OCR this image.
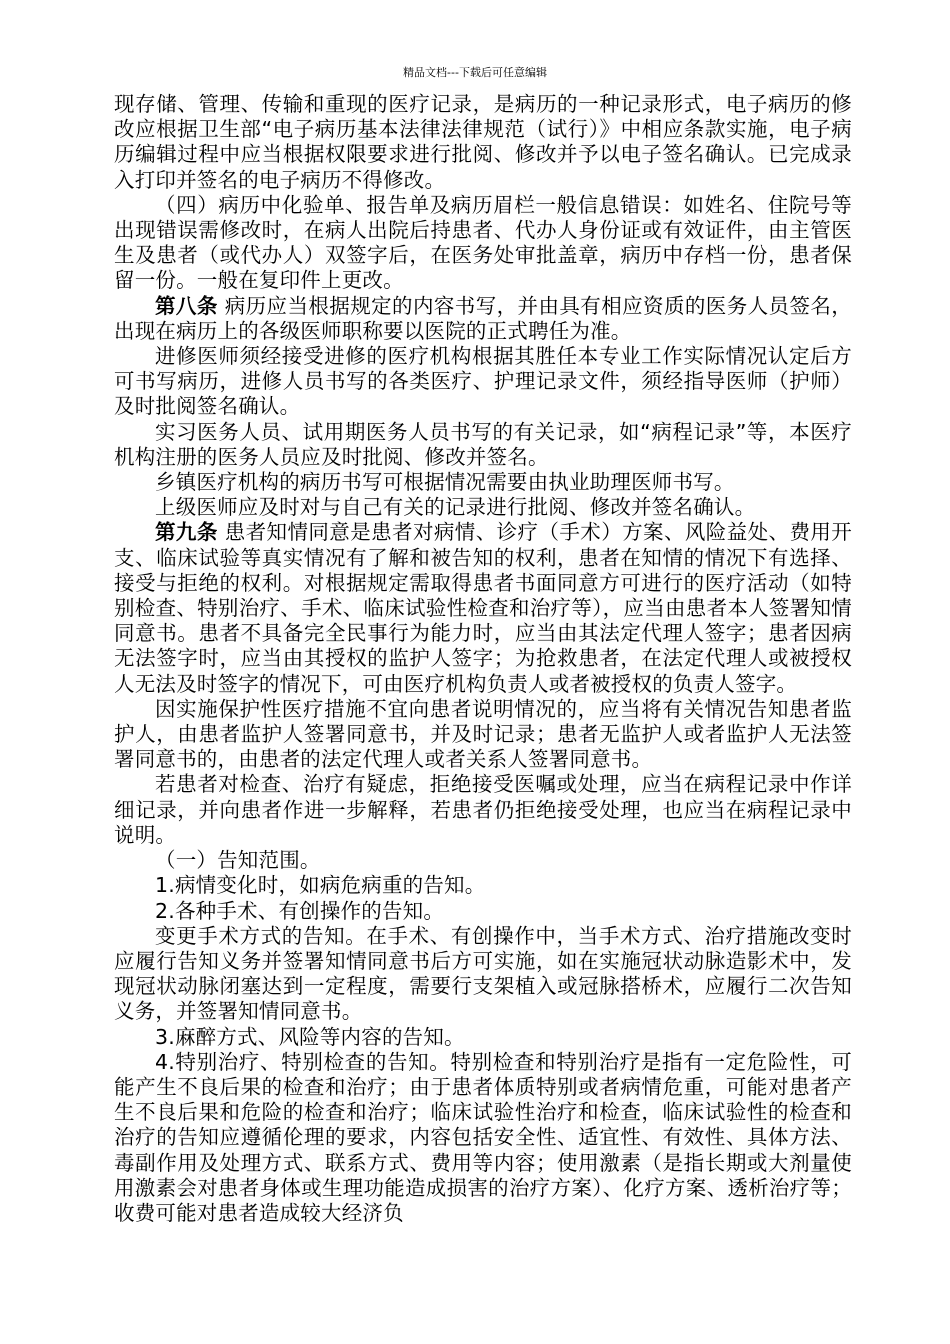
精品文档---下载后可任意编辑

现存储、管理、传输和重现的医疗记录，是病历的一种记录形式，电子病历的修改应根据卫生部“电子病历基本法律法律规范（试行）》中相应条款实施，电子病历编辑过程中应当根据权限要求进行批阅、修改并予以电子签名确认。已完成录入打印并签名的电子病历不得修改。

（四）病历中化验单、报告单及病历眉栏一般信息错误：如姓名、住院号等出现错误需修改时，在病人出院后持患者、代办人身份证或有效证件，由主管医生及患者（或代办人）双签字后，在医务处审批盖章，病历中存档一份，患者保留一份。一般在复印件上更改。

第八条 病历应当根据规定的内容书写，并由具有相应资质的医务人员签名，出现在病历上的各级医师职称要以医院的正式聘任为准。

进修医师须经接受进修的医疗机构根据其胜任本专业工作实际情况认定后方可书写病历，进修人员书写的各类医疗、护理记录文件，须经指导医师（护师）及时批阅签名确认。

实习医务人员、试用期医务人员书写的有关记录，如“病程记录”等，本医疗机构注册的医务人员应及时批阅、修改并签名。

乡镇医疗机构的病历书写可根据情况需要由执业助理医师书写。

上级医师应及时对与自己有关的记录进行批阅、修改并签名确认。

第九条 患者知情同意是患者对病情、诊疗（手术）方案、风险益处、费用开支、临床试验等真实情况有了解和被告知的权利，患者在知情的情况下有选择、接受与拒绝的权利。对根据规定需取得患者书面同意方可进行的医疗活动（如特别检查、特别治疗、手术、临床试验性检查和治疗等），应当由患者本人签署知情同意书。患者不具备完全民事行为能力时，应当由其法定代理人签字；患者因病无法签字时，应当由其授权的监护人签字；为抢救患者，在法定代理人或被授权人无法及时签字的情况下，可由医疗机构负责人或者被授权的负责人签字。

因实施保护性医疗措施不宜向患者说明情况的，应当将有关情况告知患者监护人，由患者监护人签署同意书，并及时记录；患者无监护人或者监护人无法签署同意书的，由患者的法定代理人或者关系人签署同意书。

若患者对检查、治疗有疑虑，拒绝接受医嘱或处理，应当在病程记录中作详细记录，并向患者作进一步解释，若患者仍拒绝接受处理，也应当在病程记录中说明。

（一）告知范围。

1.病情变化时，如病危病重的告知。

2.各种手术、有创操作的告知。

变更手术方式的告知。在手术、有创操作中，当手术方式、治疗措施改变时应履行告知义务并签署知情同意书后方可实施，如在实施冠状动脉造影术中，发现冠状动脉闭塞达到一定程度，需要行支架植入或冠脉搭桥术，应履行二次告知义务，并签署知情同意书。

3.麻醉方式、风险等内容的告知。

4.特别治疗、特别检查的告知。特别检查和特别治疗是指有一定危险性，可能产生不良后果的检查和治疗；由于患者体质特别或者病情危重，可能对患者产生不良后果和危险的检查和治疗；临床试验性治疗和检查，临床试验性的检查和治疗的告知应遵循伦理的要求，内容包括安全性、适宜性、有效性、具体方法、毒副作用及处理方式、联系方式、费用等内容；使用激素（是指长期或大剂量使用激素会对患者身体或生理功能造成损害的治疗方案）、化疗方案、透析治疗等；收费可能对患者造成较大经济负
